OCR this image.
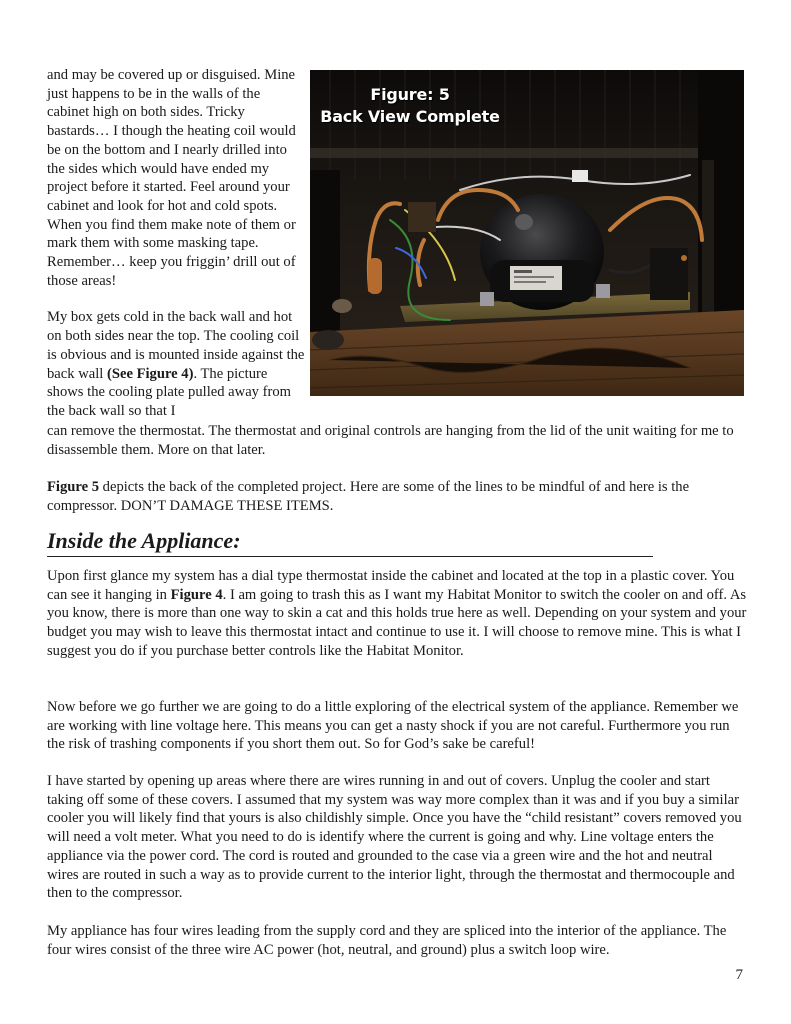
and may be covered up or disguised. Mine just happens to be in the walls of the cabinet high on both sides. Tricky bastards… I though the heating coil would be on the bottom and I nearly drilled into the sides which would have ended my project before it started. Feel around your cabinet and look for hot and cold spots. When you find them make note of them or mark them with some masking tape. Remember… keep you friggin’ drill out of those areas!

My box gets cold in the back wall and hot on both sides near the top. The cooling coil is obvious and is mounted inside against the back wall (See Figure 4). The picture shows the cooling plate pulled away from the back wall so that I

Figure: 5
Back View Complete

can remove the thermostat. The thermostat and original controls are hanging from the lid of the unit waiting for me to disassemble them. More on that later.

Figure 5 depicts the back of the completed project. Here are some of the lines to be mindful of and here is the compressor. DON’T DAMAGE THESE ITEMS.

Inside the Appliance:

Upon first glance my system has a dial type thermostat inside the cabinet and located at the top in a plastic cover. You can see it hanging in Figure 4. I am going to trash this as I want my Habitat Monitor to switch the cooler on and off. As you know, there is more than one way to skin a cat and this holds true here as well. Depending on your system and your budget you may wish to leave this thermostat intact and continue to use it. I will choose to remove mine. This is what I suggest you do if you purchase better controls like the Habitat Monitor.

Now before we go further we are going to do a little exploring of the electrical system of the appliance. Remember we are working with line voltage here. This means you can get a nasty shock if you are not careful. Furthermore you run the risk of trashing components if you short them out. So for God’s sake be careful!

I have started by opening up areas where there are wires running in and out of covers. Unplug the cooler and start taking off some of these covers. I assumed that my system was way more complex than it was and if you buy a similar cooler you will likely find that yours is also childishly simple. Once you have the “child resistant” covers removed you will need a volt meter. What you need to do is identify where the current is going and why. Line voltage enters the appliance via the power cord. The cord is routed and grounded to the case via a green wire and the hot and neutral wires are routed in such a way as to provide current to the interior light, through the thermostat and thermocouple and then to the compressor.

My appliance has four wires leading from the supply cord and they are spliced into the interior of the appliance. The four wires consist of the three wire AC power (hot, neutral, and ground) plus a switch loop wire.

7
